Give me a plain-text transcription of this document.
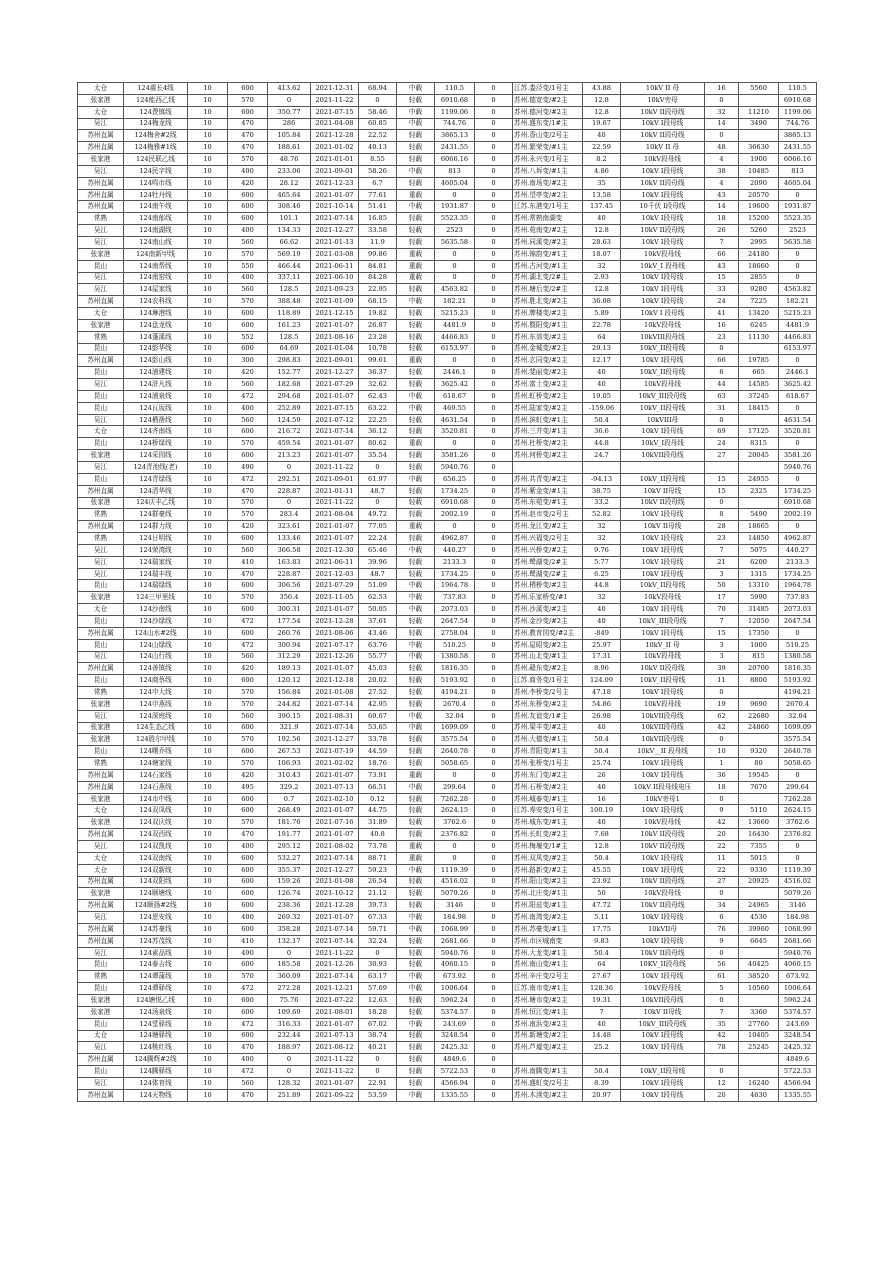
太仓	124震长4线	10	600	413.62	2021-12-31	68.94	中载	110.5	0	江苏.娄泾变/1号主	43.88	10kV II 母	16	5560	110.5
张家港	124能西乙线	10	570	0	2021-11-22	0	轻载	6910.68	0	苏州.德宽变/#2主	12.8	10kV旁母	0		6910.68
太仓	124费镇线	10	600	350.77	2021-07-15	58.46	中载	1199.06	0	苏州.德河变/#2主	12.8	10kV II段母线	32	11210	1199.06
吴江	124梅龙线	10	470	286	2021-04-08	60.85	中载	744.76	0	苏州.盛东变/1#主	19.67	10kV I段母线	14	3490	744.76
苏州直属	124梅舍#2线	10	470	105.84	2021-12-28	22.52	轻载	3865.13	0	苏州.香山变/2号主	40	10kV II段母线	0		3865.13
苏州直属	124梅雅#1线	10	470	188.61	2021-01-02	40.13	轻载	2431.55	0	苏州.繁荣变/#1主	22.59	10kV II 母	48	36630	2431.55
张家港	124民联乙线	10	570	48.76	2021-01-01	8.55	轻载	6066.16	0	苏州.永兴变/1号主	8.2	10kV段母线	4	1900	6066.16
吴江	124民字线	10	400	233.06	2021-09-01	58.26	中载	813	0	苏州.八坼变/#1主	4.86	10kV I段母线	38	10485	813
苏州直属	124鸣市线	10	420	28.12	2021-12-23	6.7	轻载	4605.04	0	苏州.南场变/#2主	35	10kV II段母线	4	2090	4605.04
苏州直属	124牡丹线	10	600	465.64	2021-01-07	77.61	重载	0	0	苏州.望亭变/#2主	13.58	10kV I段母线	43	20570	0
苏州直属	124南午线	10	600	308.46	2021-10-14	51.41	中载	1931.87	0	江苏.东港变/1号主	137.45	10千伏 I段母线	14	19600	1931.87
常熟	124南郁线	10	600	101.1	2021-07-14	16.85	轻载	5523.35	0	苏州.常熟南湖变	40	10kV I段母线	18	15200	5523.35
吴江	124南湖线	10	400	134.33	2021-12-27	33.58	轻载	2523	0	苏州.菀南变/#2主	12.8	10kV II段母线	26	5260	2523
吴江	124南山线	10	560	66.62	2021-01-13	11.9	轻载	5635.58	0	苏州.同溪变/#2主	28.63	10kV I段母线	7	2995	5635.58
张家港	124南新甲线	10	570	569.19	2021-03-08	99.86	重载	0	0	苏州.锦韵变/#1主	18.07	10kV段母线	66	24180	0
昆山	124南帮线	10	550	466.44	2021-06-11	84.81	重载	0	0	苏州.古河变/#1主	32	10kV_I 段母线	43	18660	0
吴江	124南窑线	10	400	337.11	2021-06-10	84.28	重载	0	0	苏州.湖北变/2#主	2.93	10kV I段母线	15	2855	0
吴江	124屋家线	10	560	128.5	2021-09-23	22.95	轻载	4563.82	0	苏州.塘后变/2#主	12.8	10kV I段母线	33	9280	4563.82
苏州直属	124农科线	10	570	388.48	2021-01-09	68.15	中载	182.21	0	苏州.胜北变/#2主	36.08	10kV I段母线	24	7225	182.21
太仓	124琳港线	10	600	118.89	2021-12-15	19.82	轻载	5215.23	0	苏州.牌楼变/#2主	5.89	10kV I 段母线	41	13420	5215.23
张家港	124盘龙线	10	600	161.23	2021-01-07	26.87	轻载	4481.9	0	苏州.暨阳变/#1主	22.78	10kV段母线	16	6245	4481.9
常熟	124蓬溪线	10	552	128.5	2021-08-16	23.28	轻载	4466.83	0	苏州.东郊变/#2主	64	10kVIII段母线	23	11130	4466.83
昆山	124彭华线	10	600	64.69	2021-01-04	10.78	轻载	6153.97	0	苏州.金城变/#2主	29.13	10kV_II段母线	0		6153.97
苏州直属	124彭山线	10	300	298.83	2021-09-01	99.61	重载	0	0	苏州.玄同变/#2主	12.17	10kV I段母线	66	19785	0
昆山	124浦建线	10	420	152.77	2021-12-27	36.37	轻载	2446.1	0	苏州.斐丽变/#2主	40	10kV_II段母线	6	665	2446.1
吴江	124浒凡线	10	560	182.68	2021-07-29	32.62	轻载	3625.42	0	苏州.富士变/#2主	40	10kV段母线	44	14585	3625.42
昆山	124浦泉线	10	472	294.68	2021-01-07	62.43	中载	618.67	0	苏州.虹桥变/#2主	19.05	10kV_III段母线	63	37245	618.67
昆山	124瓦坂线	10	400	252.89	2021-07-15	63.22	中载	469.55	0	苏州.陆家变/#2主	-159.06	10kV_II段母线	31	18415	0
吴江	124栖凿线	10	560	124.59	2021-07-12	22.25	轻载	4631.54	0	苏州.滨虹变/#1主	50.4	10kVIII母	0		4631.54
太仓	124齐南线	10	600	216.72	2021-07-14	36.12	轻载	3520.81	0	苏州.三井变/#1主	36.6	10kV I段母线	69	17125	3520.81
昆山	124桥绿线	10	570	459.54	2021-01-07	80.62	重载	0	0	苏州.杜桥变/#2主	44.8	10kV_I段母线	24	8315	0
张家港	124采园线	10	600	213.23	2021-01-07	35.54	轻载	3581.26	0	苏州.何桥变/#2主	24.7	10kVII段母线	27	20045	3581.26
吴江	124青池线(老)	10	490	0	2021-11-22	0	轻载	5940.76	0						5940.76
昆山	124青绿线	10	472	292.51	2021-09-01	61.97	中载	656.25	0	苏州.共青变/#2主	-94.13	10kV_II段母线	15	24955	0
苏州直属	124清华线	10	470	228.87	2021-01-11	48.7	轻载	1734.25	0	苏州.紫金变/#1主	38.75	10kV II母线	15	2325	1734.25
张家港	124庆丰乙线	10	570	0	2021-11-22	0	轻载	6910.68	0	苏州.东菀变/#1主	33.2	10kV II段母线	0		6910.68
常熟	124群豪线	10	570	283.4	2021-08-04	49.72	轻载	2002.19	0	苏州.赵市变/2号主	52.82	10kV I段母线	8	5490	2002.19
苏州直属	124群力线	10	420	323.61	2021-01-07	77.05	重载	0	0	苏州.龙江变/#2主	32	10kV II母线	28	18665	0
常熟	124日明线	10	600	133.46	2021-01-07	22.24	轻载	4962.87	0	苏州.兴福变/2号主	32	10kV I段母线	23	14850	4962.87
吴江	124荣湾线	10	560	366.58	2021-12-30	65.46	中载	440.27	0	苏州.兴桥变/#2主	9.76	10kV I段母线	7	5075	440.27
吴江	124瑞家线	10	410	163.83	2021-06-11	39.96	轻载	2133.3	0	苏州.鹭湖变/2#主	5.77	10kV I段母线	21	6200	2133.3
吴江	124瑞丰线	10	470	228.87	2021-12-03	48.7	轻载	1734.25	0	苏州.鹭湖变/2#主	6.25	10kV I段母线	3	1315	1734.25
昆山	124瑞绿线	10	600	306.56	2021-07-29	51.09	中载	1964.78	0	苏州.栖桥变/#2主	44.8	10kV_II段母线	50	13310	1964.78
张家港	124三甲里线	10	570	356.4	2021-11-05	62.53	中载	737.83	0	苏州.乐家桥变/#1	32	10kV段母线	17	5990	737.83
太仓	124沙南线	10	600	300.31	2021-01-07	50.05	中载	2073.03	0	苏州.沙溪变/#2主	40	10kV I段母线	70	31485	2073.03
昆山	124沙绿线	10	472	177.54	2021-12-28	37.61	轻载	2647.54	0	苏州.金沙变/#2主	40	10kV_III段母线	7	12050	2647.54
苏州直属	124山水#2线	10	600	260.76	2021-08-06	43.46	轻载	2758.04	0	苏州.教育园变/#2主	-849	10kV I段母线	15	17350	0
昆山	124山绿线	10	472	300.94	2021-07-17	63.76	中载	510.25	0	苏州.屋昭变/#2主	25.97	10kV_II 母	3	1000	510.25
吴江	124山行线	10	560	312.29	2021-12-26	55.77	中载	1380.58	0	苏州.山北变/#1主	17.31	10kV段母线	3	815	1380.58
苏州直属	124善镇线	10	420	189.13	2021-01-07	45.03	轻载	1816.35	0	苏州.赣东变/#2主	8.96	10kV II段母线	39	20700	1816.35
昆山	124商蔡线	10	600	120.12	2021-12-18	20.02	轻载	5193.92	0	江苏.商务变/1号主	124.09	10kV_II段母线	11	8800	5193.92
常熟	124申大线	10	570	156.84	2021-01-08	27.52	轻载	4194.21	0	苏州.李桥变/2号主	47.18	10kV I段母线	0		4194.21
张家港	124申燕线	10	570	244.82	2021-07-14	42.95	轻载	2670.4	0	苏州.东桥变/#2主	54.86	10kV段母线	19	9690	2670.4
吴江	124深庭线	10	560	390.15	2021-08-31	69.67	中载	32.04	0	苏州.友谊变/1#主	26.98	10kVII段母线	62	22680	32.04
张家港	124生态乙线	10	600	321.9	2021-07-14	53.65	中载	1699.09	0	苏州.梁丰变/#2主	40	10kVII段母线	42	24860	1699.09
张家港	124胜尔甲线	10	570	192.56	2021-12-27	33.78	轻载	3575.54	0	苏州.大德变/#1主	50.4	10kVII段母线	0		3575.54
昆山	124曙乔线	10	600	267.53	2021-07-19	44.59	轻载	2640.78	0	苏州.青阳变/#1主	50.4	10kV__II 段母线	10	9320	2640.78
常熟	124塘家线	10	570	106.93	2021-02-02	18.76	轻载	5058.65	0	苏州.张桥变/1号主	25.74	10kV I段母线	1	80	5058.65
苏州直属	124石家线	10	420	310.43	2021-01-07	73.91	重载	0	0	苏州.东门变/#2主	26	10kV I段母线	36	19545	0
苏州直属	124石燕线	10	495	329.2	2021-07-13	66.51	中载	299.64	0	苏州.石桥变/#2主	40	10kV II段母线电压	18	7670	299.64
张家港	124市中线	10	600	0.7	2021-02-10	0.12	轻载	7262.28	0	苏州.城泰变/#1主	16	10kV旁母1	0		7262.28
太仓	124双凤线	10	600	268.49	2021-01-07	44.75	轻载	2624.15	0	江苏.寿安变/1号主	100.19	10kV I段母线	9	5110	2624.15
张家港	124双庆线	10	570	181.76	2021-07-16	31.89	轻载	3762.6	0	苏州.城东变/#1主	40	10kV段母线	42	13660	3762.6
苏州直属	124双西线	10	470	191.77	2021-01-07	40.8	轻载	2376.82	0	苏州.长虹变/#2主	7.68	10kV II段母线	20	16430	2376.82
吴江	124双凯线	10	400	295.12	2021-08-02	73.78	重载	0	0	苏州.梅堰变/1#主	12.8	10kV II段母线	22	7355	0
太仓	124双南线	10	600	532.27	2021-07-14	88.71	重载	0	0	苏州.双凤变/#2主	50.4	10kV I段母线	11	5015	0
太仓	124双新线	10	600	355.37	2021-12-27	59.23	中载	1119.39	0	苏州.路新变/#2主	45.55	10kV I段母线	22	9330	1119.39
苏州直属	124双阳线	10	600	159.26	2021-01-08	26.54	轻载	4516.02	0	苏州.阳山变/#2主	23.92	10kV II段母线	27	20925	4516.02
张家港	124顺塘线	10	600	126.74	2021-10-12	21.12	轻载	5079.26	0	苏州.北庄变/#1主	50	10kV段母线	0		5079.26
苏州直属	124顺扬#2线	10	600	238.36	2021-12-28	39.73	轻载	3146	0	苏州.阳兹变/#1主	47.72	10kV II段母线	34	24965	3146
吴江	124思安线	10	400	269.32	2021-01-07	67.33	中载	184.98	0	苏州.南湾变/#2主	5.11	10kV I段母线	6	4530	184.98
苏州直属	124苏豪线	10	600	358.28	2021-07-14	59.71	中载	1068.99	0	苏州.苏豪变/#1主	17.75	10kVII母	76	39960	1068.99
苏州直属	124苏茂线	10	410	132.17	2021-07-14	32.24	轻载	2681.66	0	苏州.市区城南变	9.83	10kV I段母线	9	6645	2681.66
吴江	124素品线	10	490	0	2021-11-22	0	轻载	5940.76	0	苏州.大龙变/#1主	50.4	10kV II段母线	0		5940.76
昆山	124泰吉线	10	600	185.58	2021-12-26	30.93	轻载	4060.15	0	苏州.南山变/#1主	64	10KV_II段母线	56	40425	4060.15
常熟	124谭蒲线	10	570	360.09	2021-07-14	63.17	中载	673.92	0	苏州.辛庄变/2号主	27.67	10kV I段母线	61	38520	673.92
昆山	124谭驿线	10	472	272.28	2021-12-21	57.69	中载	1006.64	0	江苏.南市变/#1主	128.36	10kV段母线	5	10560	1006.64
张家港	124塘悦乙线	10	600	75.76	2021-07-22	12.63	轻载	5962.24	0	苏州.塘市变/#2主	19.31	10kVII段母线	0		5962.24
张家港	124汤泉线	10	600	109.69	2021-08-01	18.28	轻载	5374.57	0	苏州.恒江变/#1主	7	10kV II母线	7	3360	5374.57
昆山	124堂驿线	10	472	316.33	2021-01-07	67.02	中载	243.69	0	苏州.南浜变/#2主	40	10kV_III段母线	35	27760	243.69
太仓	124塘驿线	10	600	232.44	2021-07-13	38.74	轻载	3248.54	0	苏州.新塘变/#2主	14.48	10kV I段母线	42	10405	3248.54
吴江	124桃红线	10	470	188.97	2021-08-12	40.21	轻载	2425.32	0	苏州.芦墟变/#2主	25.2	10kV I段母线	78	25245	2425.32
苏州直属	124腾辉#2线	10	400	0	2021-11-22	0	轻载	4849.6	0						4849.6
昆山	124腾驿线	10	472	0	2021-11-22	0	轻载	5722.53	0	苏州.南腾变/#1主	50.4	10kV_II段母线	0		5722.53
吴江	124体育线	10	560	128.32	2021-01-07	22.91	轻载	4566.94	0	苏州.盛虹变/2号主	8.39	10kV I段母线	12	16240	4566.94
苏州直属	124天物线	10	470	251.89	2021-09-22	53.59	中载	1335.55	0	苏州.木渎变/#2主	20.97	10kV I段母线	20	4630	1335.55
